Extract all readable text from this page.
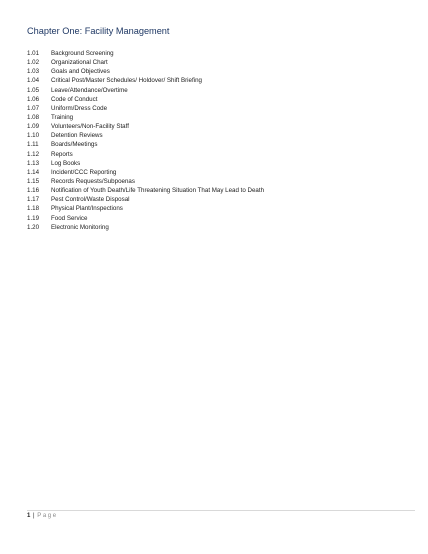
Chapter One: Facility Management
1.01	Background Screening
1.02	Organizational Chart
1.03	Goals and Objectives
1.04	Critical Post/Master Schedules/ Holdover/ Shift Briefing
1.05	Leave/Attendance/Overtime
1.06	Code of Conduct
1.07	Uniform/Dress Code
1.08	Training
1.09	Volunteers/Non-Facility Staff
1.10	Detention Reviews
1.11	Boards/Meetings
1.12	Reports
1.13	Log Books
1.14	Incident/CCC Reporting
1.15	Records Requests/Subpoenas
1.16	Notification of Youth Death/Life Threatening Situation That May Lead to Death
1.17	Pest Control/Waste Disposal
1.18	Physical Plant/Inspections
1.19	Food Service
1.20	Electronic Monitoring
1 | Page
